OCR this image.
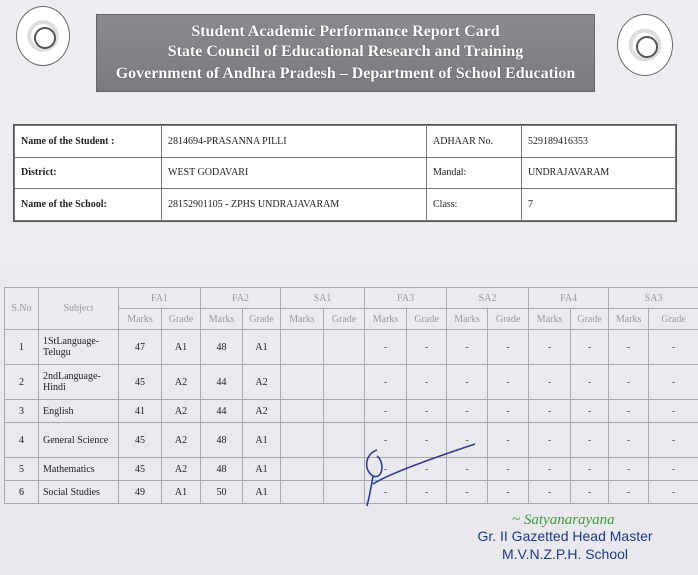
Student Academic Performance Report Card
State Council of Educational Research and Training
Government of Andhra Pradesh – Department of School Education
Name of the Student :	2814694-PRASANNA PILLI	ADHAAR No.	529189416353
District:	WEST GODAVARI	Mandal:	UNDRAJAVARAM
Name of the School:	28152901105 - ZPHS UNDRAJAVARAM	Class:	7
S.No	Subject	FA1		FA2		SA1		FA3		SA2		FA4		SA3		
		Marks	Grade	Marks	Grade	Marks	Grade	Marks	Grade	Marks	Grade	Marks	Grade	Marks	Grade	
1	1StLanguage-Telugu	47	A1	48	A1			-	-	-	-	-	-	-	-		
2	2ndLanguage-Hindi	45	A2	44	A2			-	-	-	-	-	-	-	-		
3	English	41	A2	44	A2			-	-	-	-	-	-	-	-		
4	General Science	45	A2	48	A1			-	-	-	-	-	-	-	-		
5	Mathematics	45	A2	48	A1			-	-	-	-	-	-	-	-		
6	Social Studies	49	A1	50	A1			-	-	-	-	-	-	-	-		
~ Satyanarayana
Gr. II Gazetted Head Master
M.V.N.Z.P.H. School
